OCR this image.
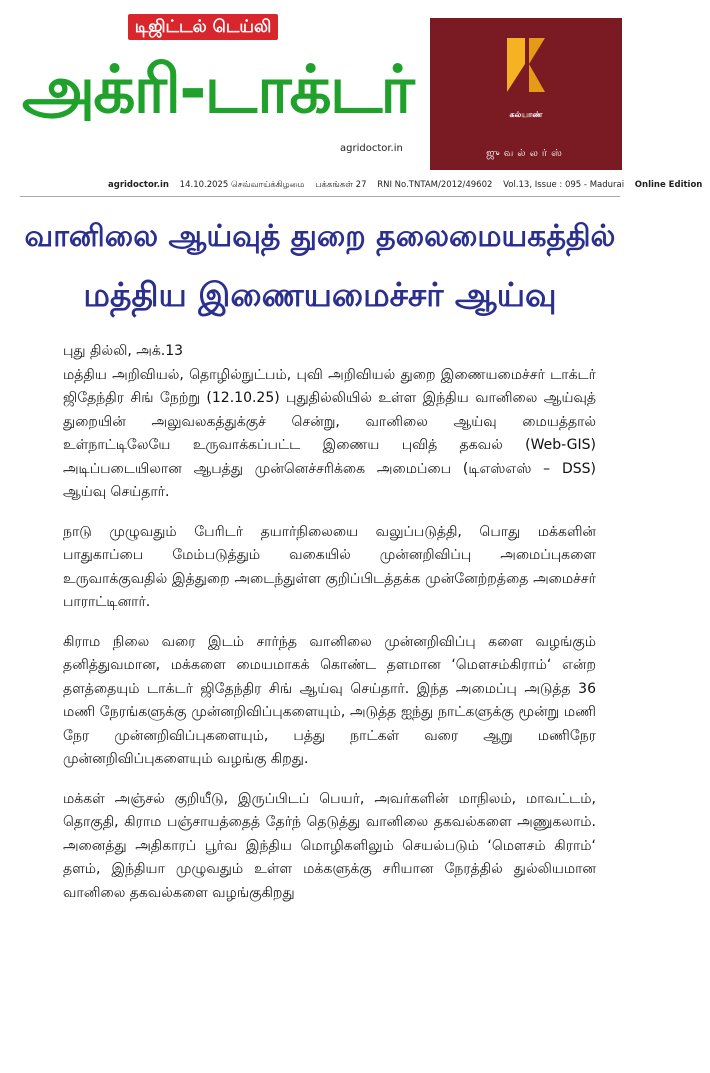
டிஜிட்டல் டெய்லி
அக்ரி-டாக்டர்
agridoctor.in
கல்யாண்
ஜுவல்லர்ஸ்
agridoctor.in 14.10.2025 செவ்வாய்க்கிழமை பக்கங்கள் 27 RNI No.TNTAM/2012/49602 Vol.13, Issue : 095 - Madurai Online Edition
வானிலை ஆய்வுத் துறை தலைமையகத்தில்
மத்திய இணையமைச்சர் ஆய்வு
புது தில்லி, அக்.13

மத்திய அறிவியல், தொழில்நுட்பம், புவி அறிவியல் துறை இணையமைச்சர் டாக்டர் ஜிதேந்திர சிங் நேற்று (12.10.25) புதுதில்லியில் உள்ள இந்திய வானிலை ஆய்வுத் துறையின் அலுவலகத்துக்குச் சென்று, வானிலை ஆய்வு மையத்தால் உள்நாட்டிலேயே உருவாக்கப்பட்ட இணைய புவித் தகவல் (Web-GIS) அடிப்படையிலான ஆபத்து முன்னெச்சரிக்கை அமைப்பை (டிஎஸ்எஸ் – DSS) ஆய்வு செய்தார்.

நாடு முழுவதும் பேரிடர் தயார்நிலையை வலுப்படுத்தி, பொது மக்களின் பாதுகாப்பை மேம்படுத்தும் வகையில் முன்னறிவிப்பு அமைப்புகளை உருவாக்குவதில் இத்துறை அடைந்துள்ள குறிப்பிடத்தக்க முன்னேற்றத்தை அமைச்சர் பாராட்டினார்.

கிராம நிலை வரை இடம் சார்ந்த வானிலை முன்னறிவிப்பு களை வழங்கும் தனித்துவமான, மக்களை மையமாகக் கொண்ட தளமான ‘மௌசம்கிராம்‘ என்ற தளத்தையும் டாக்டர் ஜிதேந்திர சிங் ஆய்வு செய்தார். இந்த அமைப்பு அடுத்த 36 மணி நேரங்களுக்கு முன்னறிவிப்புகளையும், அடுத்த ஐந்து நாட்களுக்கு மூன்று மணி நேர முன்னறிவிப்புகளையும், பத்து நாட்கள் வரை ஆறு மணிநேர முன்னறிவிப்புகளையும் வழங்கு கிறது.

மக்கள் அஞ்சல் குறியீடு, இருப்பிடப் பெயர், அவர்களின் மாநிலம், மாவட்டம், தொகுதி, கிராம பஞ்சாயத்தைத் தேர்ந் தெடுத்து வானிலை தகவல்களை அணுகலாம். அனைத்து அதிகாரப் பூர்வ இந்திய மொழிகளிலும் செயல்படும் ‘மௌசம் கிராம்‘ தளம், இந்தியா முழுவதும் உள்ள மக்களுக்கு சரியான நேரத்தில் துல்லியமான வானிலை தகவல்களை வழங்குகிறது
